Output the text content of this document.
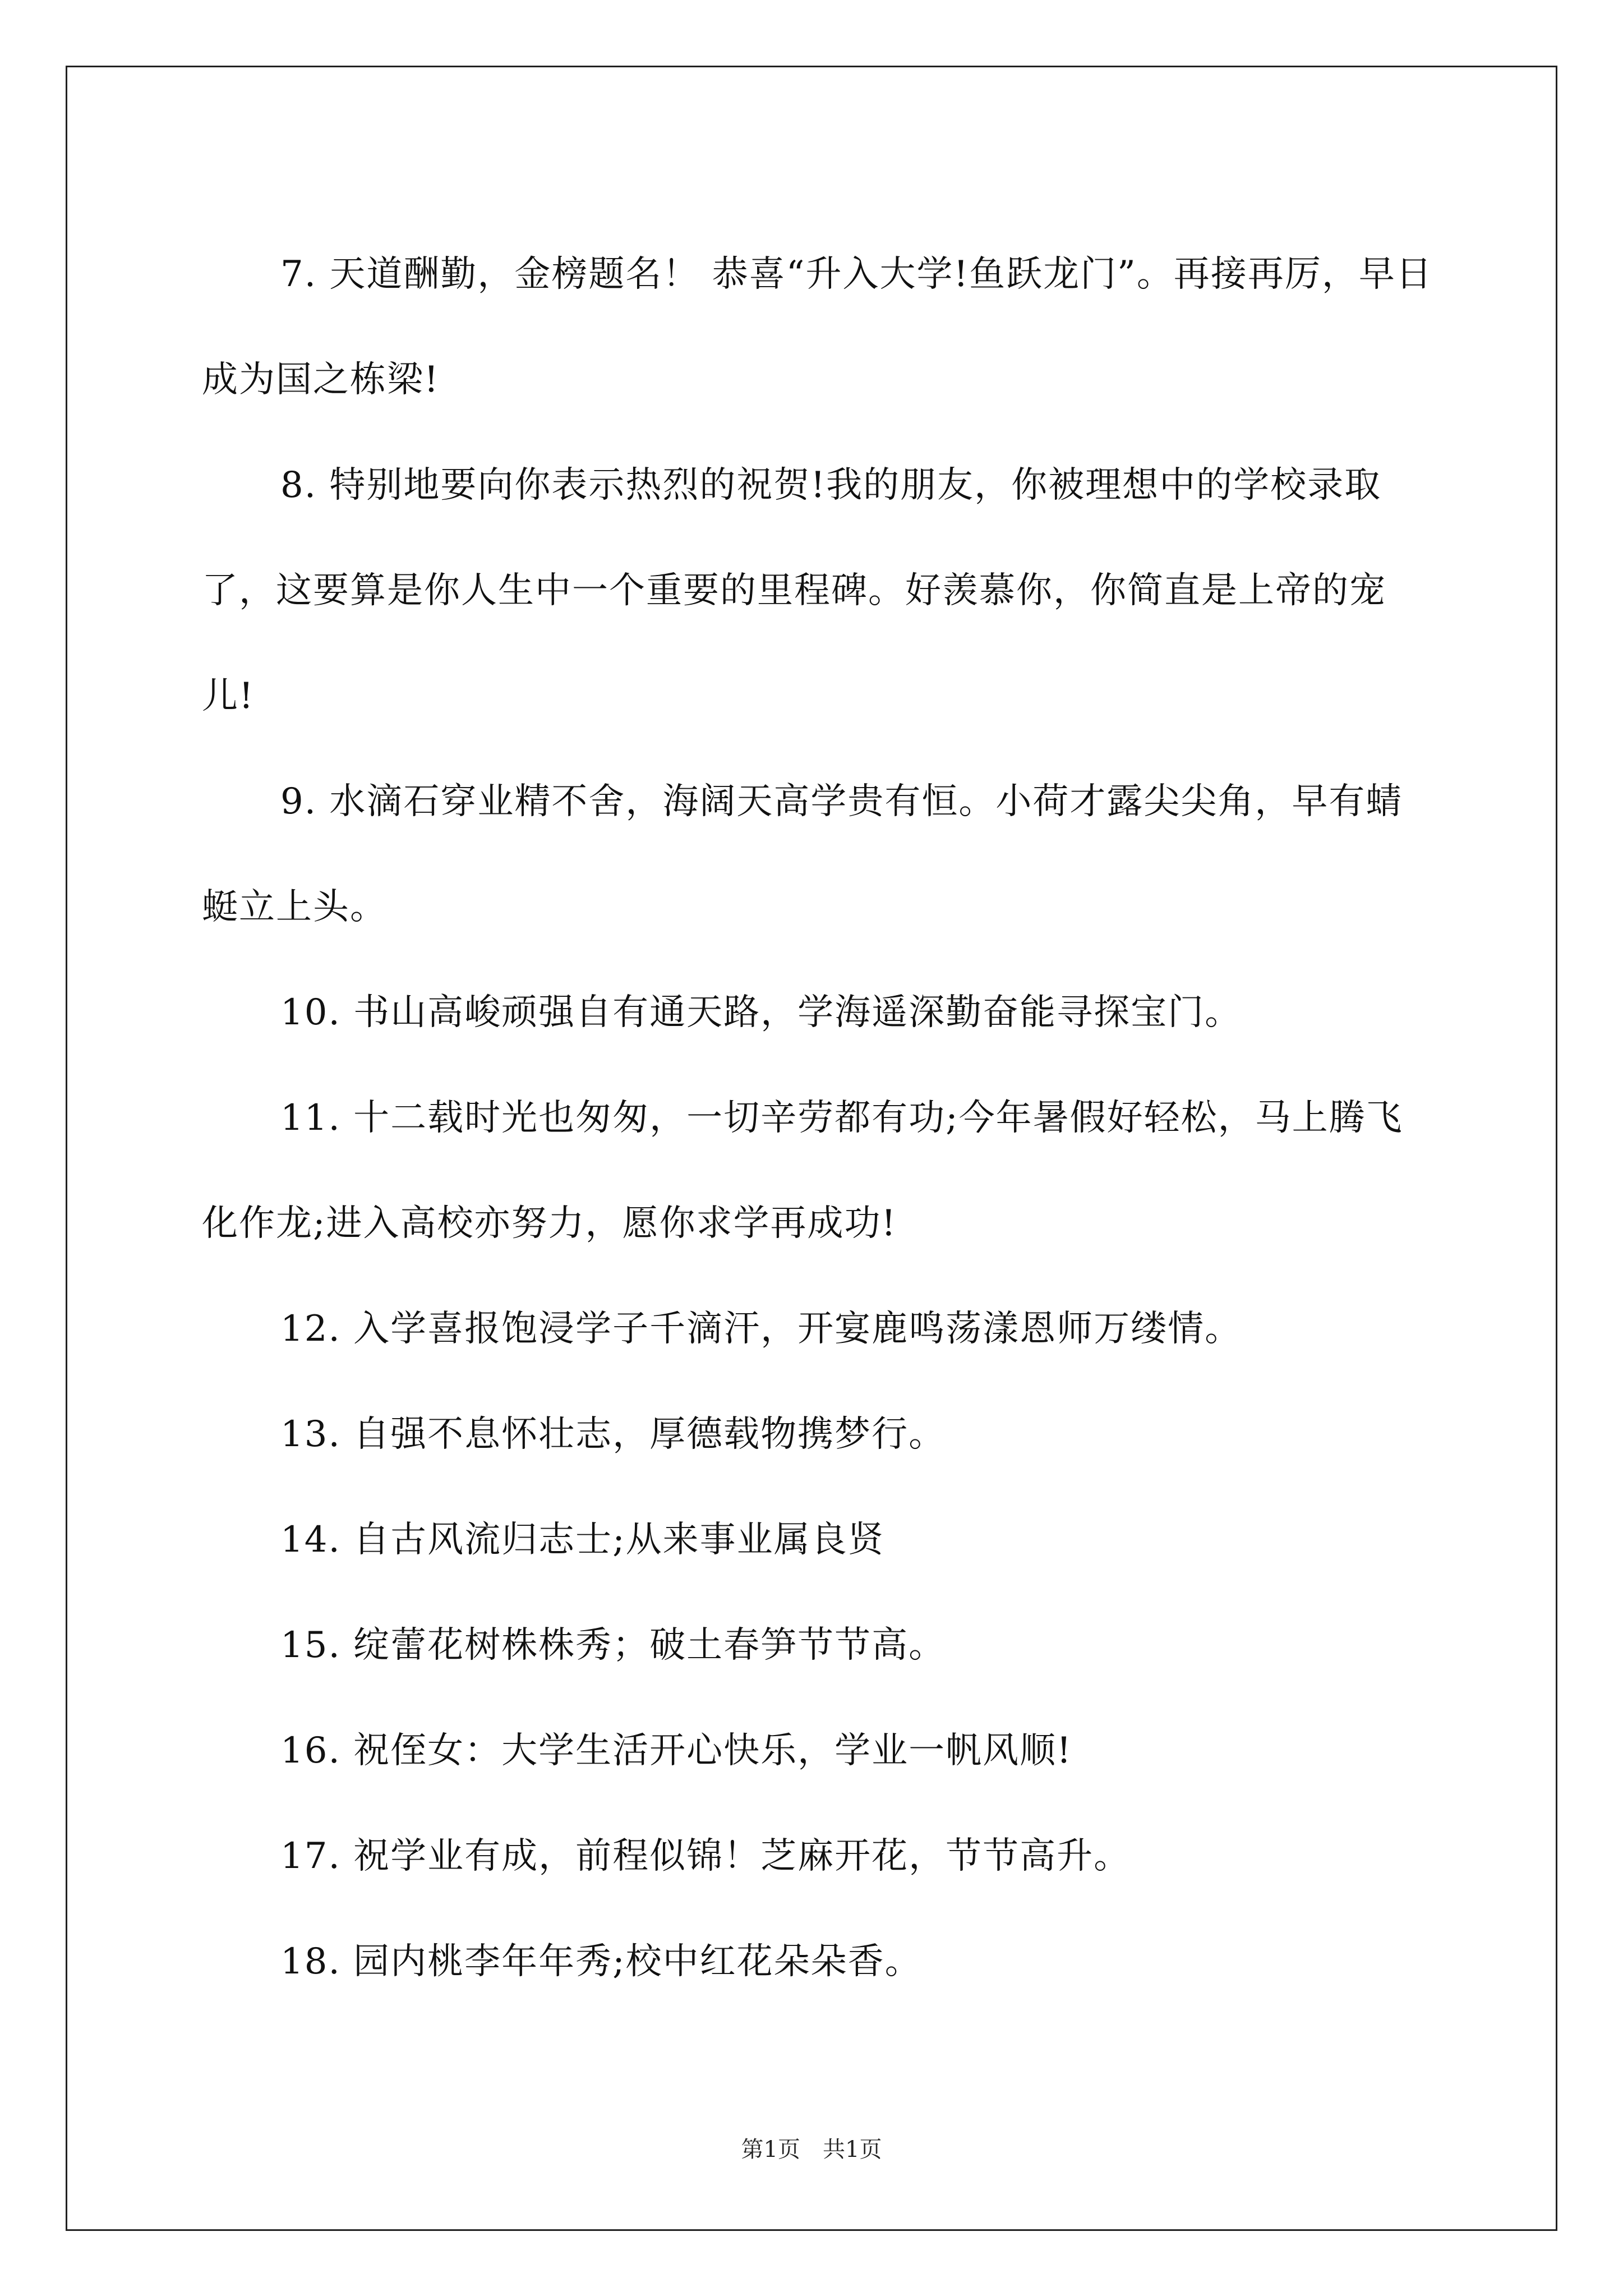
7. 天道酬勤，金榜题名！ 恭喜“升入大学!鱼跃龙门”。再接再厉，早日成为国之栋梁!

8. 特别地要向你表示热烈的祝贺!我的朋友，你被理想中的学校录取了，这要算是你人生中一个重要的里程碑。好羡慕你，你简直是上帝的宠儿!

9. 水滴石穿业精不舍，海阔天高学贵有恒。小荷才露尖尖角，早有蜻蜓立上头。

10. 书山高峻顽强自有通天路，学海遥深勤奋能寻探宝门。

11. 十二载时光也匆匆，一切辛劳都有功;今年暑假好轻松，马上腾飞化作龙;进入高校亦努力，愿你求学再成功!

12. 入学喜报饱浸学子千滴汗，开宴鹿鸣荡漾恩师万缕情。

13. 自强不息怀壮志，厚德载物携梦行。

14. 自古风流归志士;从来事业属良贤

15. 绽蕾花树株株秀；破土春笋节节高。

16. 祝侄女：大学生活开心快乐，学业一帆风顺!

17. 祝学业有成，前程似锦！芝麻开花，节节高升。

18. 园内桃李年年秀;校中红花朵朵香。

第1页　共1页
